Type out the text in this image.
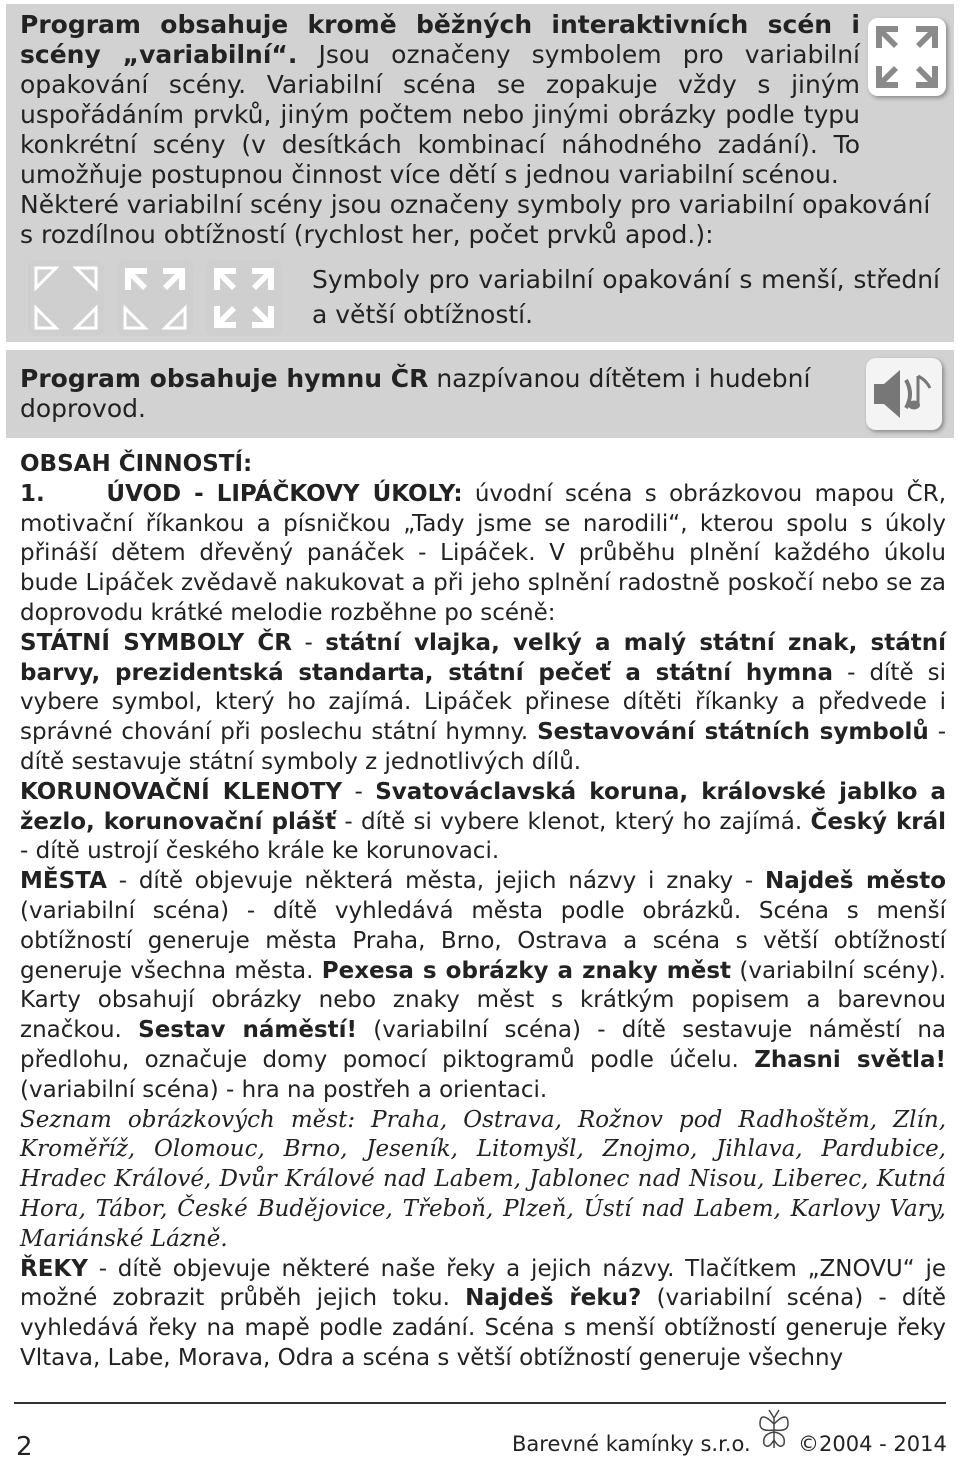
Program obsahuje kromě běžných interaktivních scén i scény „variabilní“. Jsou označeny symbolem pro variabilní opakování scény. Variabilní scéna se zopakuje vždy s jiným uspořádáním prvků, jiným počtem nebo jinými obrázky podle typu konkrétní scény (v desítkách kombinací náhodného zadání). To umožňuje postupnou činnost více dětí s jednou variabilní scénou.

Některé variabilní scény jsou označeny symboly pro variabilní opakování s rozdílnou obtížností (rychlost her, počet prvků apod.):

Symboly pro variabilní opakování s menší, střední a větší obtížností.

Program obsahuje hymnu ČR nazpívanou dítětem i hudební doprovod.

OBSAH ČINNOSTÍ:

1.	ÚVOD - LIPÁČKOVY ÚKOLY: úvodní scéna s obrázkovou mapou ČR, motivační říkankou a písničkou „Tady jsme se narodili“, kterou spolu s úkoly přináší dětem dřevěný panáček - Lipáček. V průběhu plnění každého úkolu bude Lipáček zvědavě nakukovat a při jeho splnění radostně poskočí nebo se za doprovodu krátké melodie rozběhne po scéně:

STÁTNÍ SYMBOLY ČR - státní vlajka, velký a malý státní znak, státní barvy, prezidentská standarta, státní pečeť a státní hymna - dítě si vybere symbol, který ho zajímá. Lipáček přinese dítěti říkanky a předvede i správné chování při poslechu státní hymny. Sestavování státních symbolů - dítě sestavuje státní symboly z jednotlivých dílů.

KORUNOVAČNÍ KLENOTY - Svatováclavská koruna, královské jablko a žezlo, korunovační plášť - dítě si vybere klenot, který ho zajímá. Český král - dítě ustrojí českého krále ke korunovaci.

MĚSTA - dítě objevuje některá města, jejich názvy i znaky - Najdeš město (variabilní scéna) - dítě vyhledává města podle obrázků. Scéna s menší obtížností generuje města Praha, Brno, Ostrava a scéna s větší obtížností generuje všechna města. Pexesa s obrázky a znaky měst (variabilní scény). Karty obsahují obrázky nebo znaky měst s krátkým popisem a barevnou značkou. Sestav náměstí! (variabilní scéna) - dítě sestavuje náměstí na předlohu, označuje domy pomocí piktogramů podle účelu. Zhasni světla! (variabilní scéna) - hra na postřeh a orientaci.

Seznam obrázkových měst: Praha, Ostrava, Rožnov pod Radhoštěm, Zlín, Kroměříž, Olomouc, Brno, Jeseník, Litomyšl, Znojmo, Jihlava, Pardubice, Hradec Králové, Dvůr Králové nad Labem, Jablonec nad Nisou, Liberec, Kutná Hora, Tábor, České Budějovice, Třeboň, Plzeň, Ústí nad Labem, Karlovy Vary, Mariánské Lázně.

ŘEKY - dítě objevuje některé naše řeky a jejich názvy. Tlačítkem „ZNOVU“ je možné zobrazit průběh jejich toku. Najdeš řeku? (variabilní scéna) - dítě vyhledává řeky na mapě podle zadání. Scéna s menší obtížností generuje řeky Vltava, Labe, Morava, Odra a scéna s větší obtížností generuje všechny

2	Barevné kamínky s.r.o. ©2004 - 2014
